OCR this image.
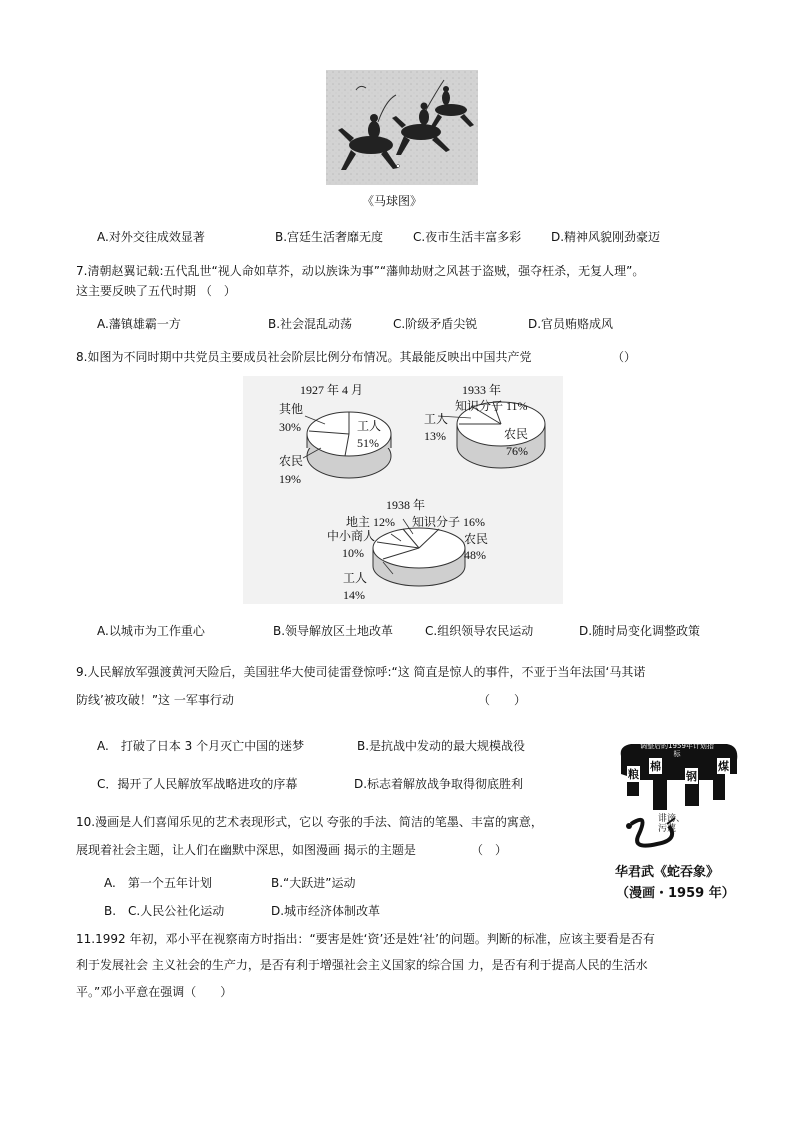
《马球图》
A.对外交往成效显著	B.宫廷生活奢靡无度 C.夜市生活丰富多彩 D.精神风貌刚劲豪迈
7.清朝赵翼记载:五代乱世“视人命如草芥，动以族诛为事”“藩帅劫财之风甚于盗贼，强夺枉杀，无复人理”。
这主要反映了五代时期 （　）
A.藩镇雄霸一方	B.社会混乱动荡	C.阶级矛盾尖锐	D.官员贿赂成风
8.如图为不同时期中共党员主要成员社会阶层比例分布情况。其最能反映出中国共产党	（）
1927 年 4 月
其他
30%	工人
51%
农民
19%
1933 年
知识分子 11%
工人
13%	农民
76%
1938 年
地主 12% 知识分子 16%
中小商人
10%
农民
48%
工人
14%
A.以城市为工作重心	B.领导解放区土地改革	C.组织领导农民运动	D.随时局变化调整政策
9.人民解放军强渡黄河天险后，美国驻华大使司徒雷登惊呼:“这 简直是惊人的事件，不亚于当年法国‘马其诺
防线’被攻破！”这 一军事行动	（　　）
A.　打破了日本 3 个月灭亡中国的迷梦	B.是抗战中发动的最大规模战役
C．揭开了人民解放军战略进攻的序幕	D.标志着解放战争取得彻底胜利
调整后的1959年计划指标
粮
棉
钢
煤
诽谤、污蔑
华君武《蛇吞象》
（漫画・1959 年）
10.漫画是人们喜闻乐见的艺术表现形式，它以 夸张的手法、简洁的笔墨、丰富的寓意，
展现着社会主题，让人们在幽默中深思，如图漫画 揭示的主题是	（　）
A.　第一个五年计划	B.“大跃进”运动
B.　C.人民公社化运动	D.城市经济体制改革
11.1992 年初，邓小平在视察南方时指出：“要害是姓‘资’还是姓‘社’的问题。判断的标准，应该主要看是否有
利于发展社会 主义社会的生产力，是否有利于增强社会主义国家的综合国 力，是否有利于提高人民的生活水
平。”邓小平意在强调（　　）
